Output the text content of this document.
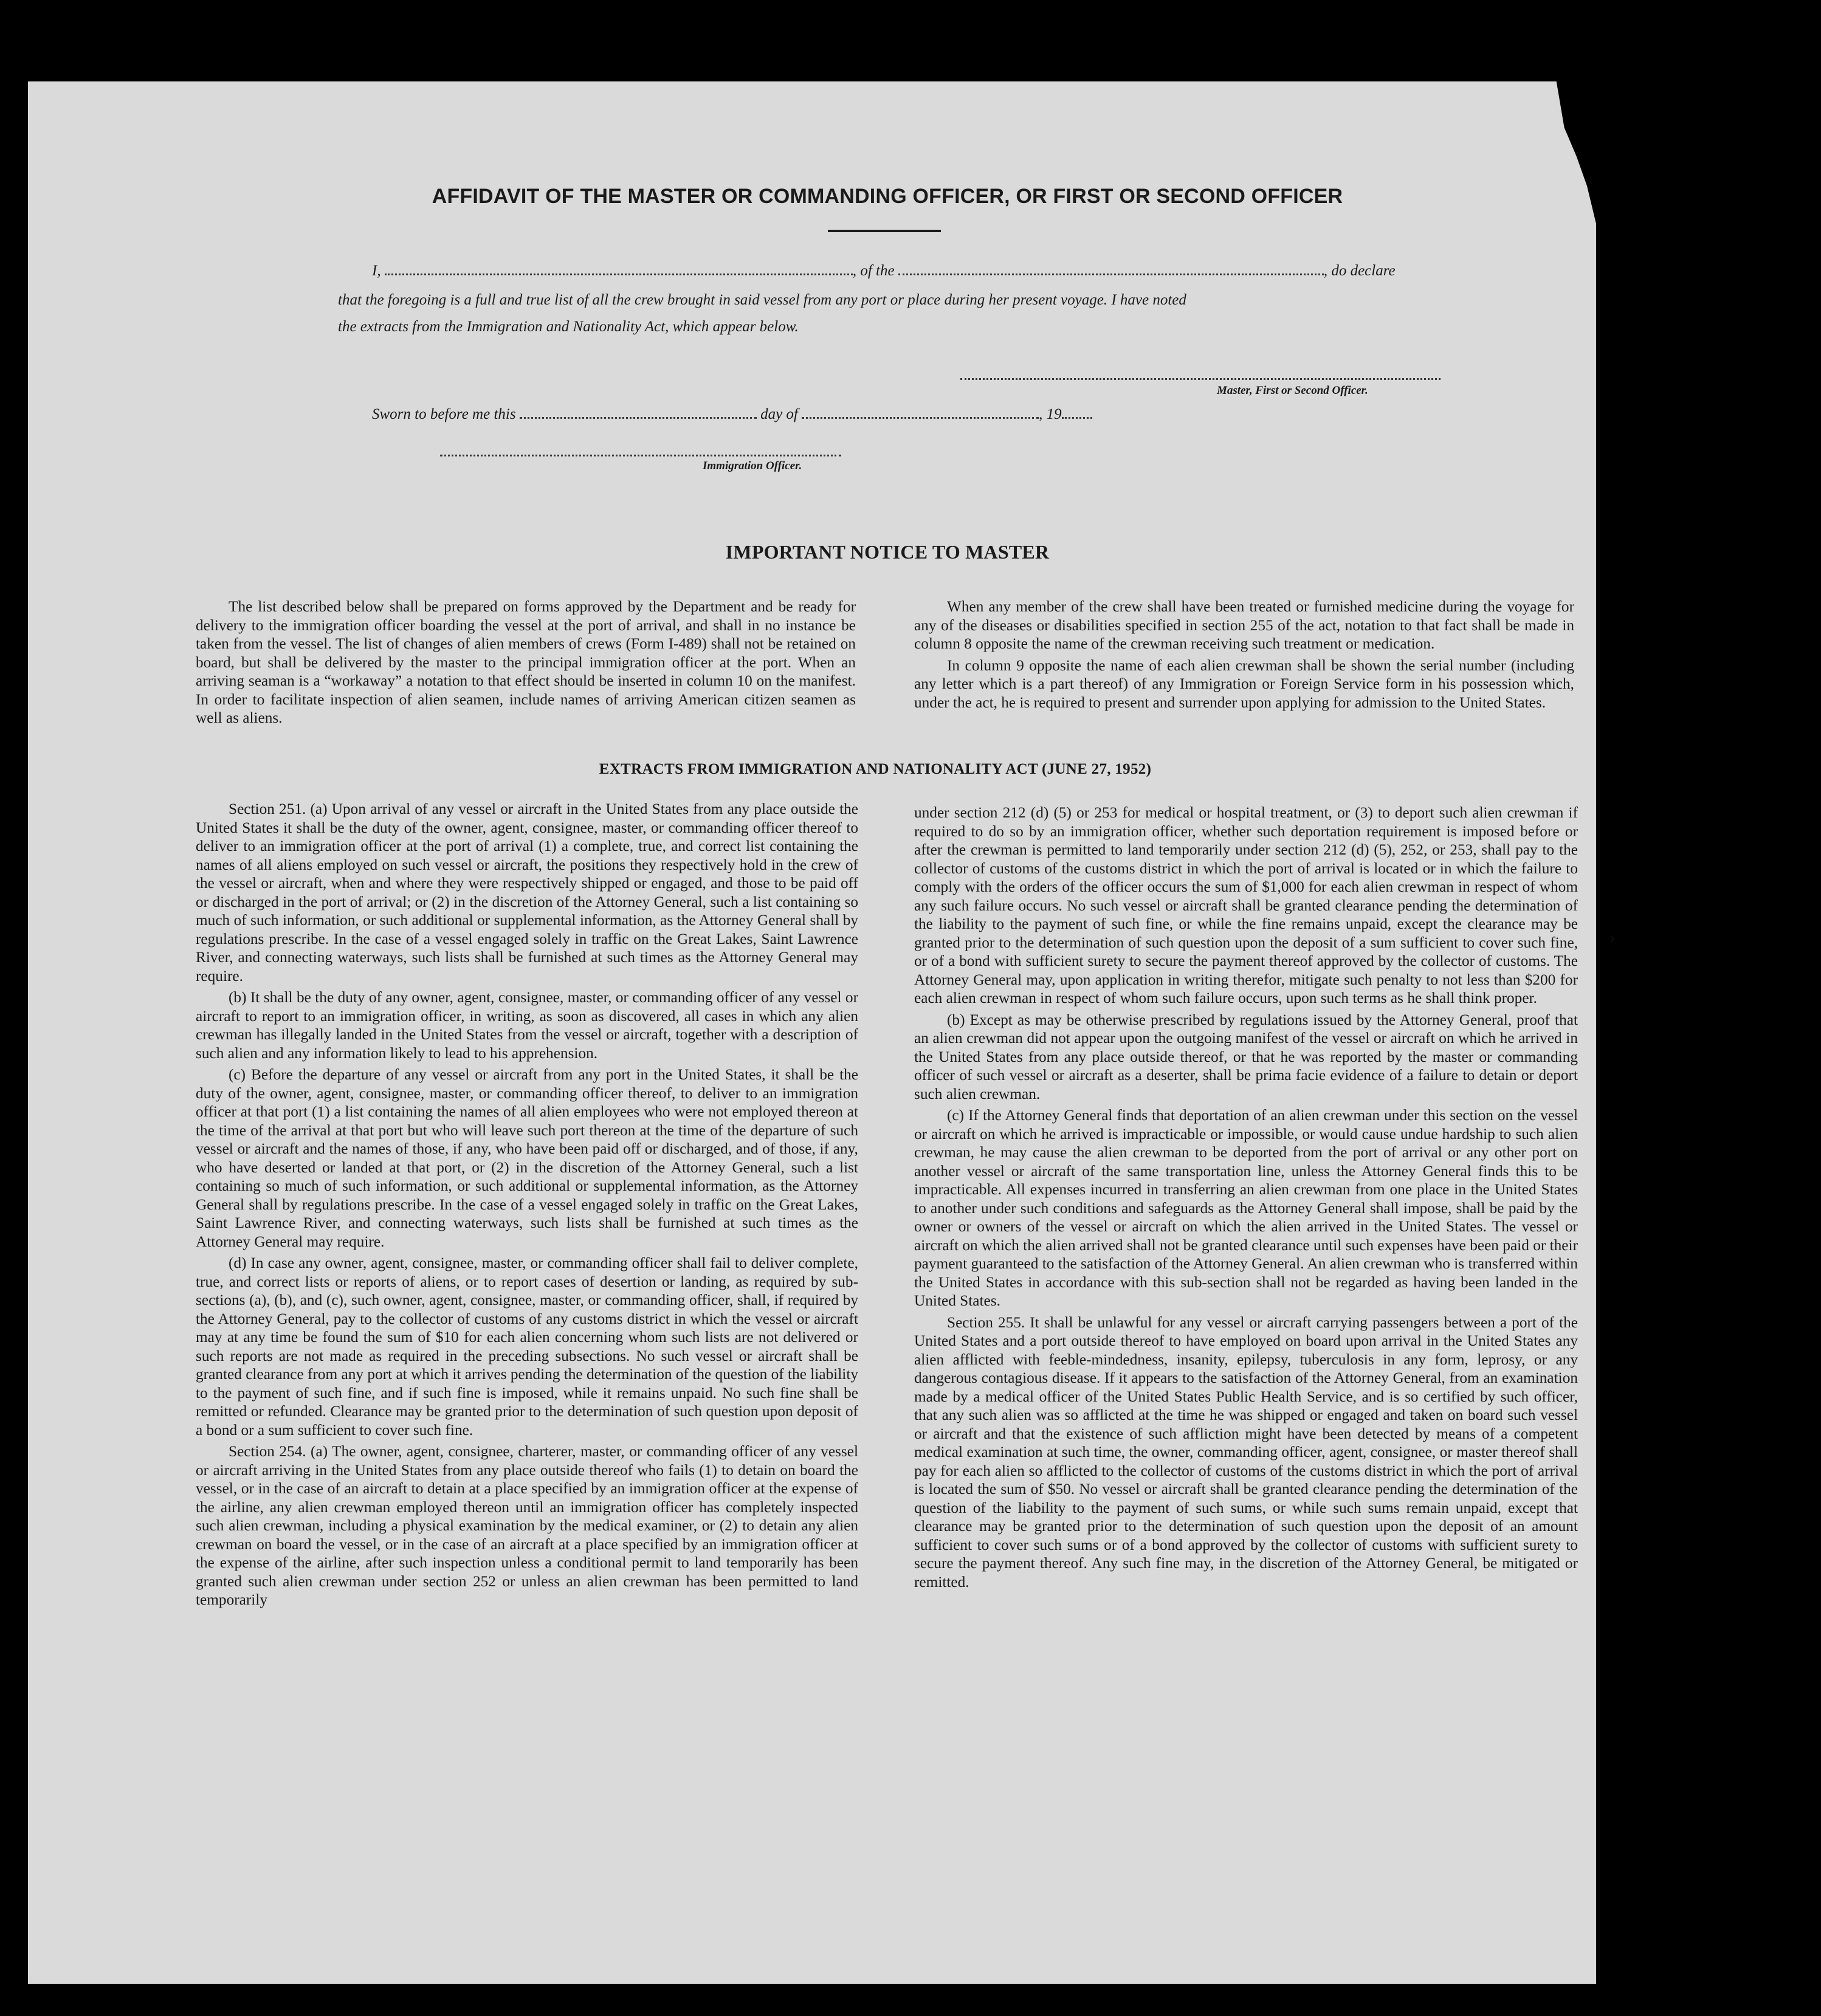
AFFIDAVIT OF THE MASTER OR COMMANDING OFFICER, OR FIRST OR SECOND OFFICER
I,	, of the	, do declare
that the foregoing is a full and true list of all the crew brought in said vessel from any port or place during her present voyage. I have noted
the extracts from the Immigration and Nationality Act, which appear below.
Master, First or Second Officer.
Sworn to before me this	day of	, 19
Immigration Officer.
IMPORTANT NOTICE TO MASTER

The list described below shall be prepared on forms approved by the Department and be ready for delivery to the immigration officer boarding the vessel at the port of arrival, and shall in no instance be taken from the vessel. The list of changes of alien members of crews (Form I-489) shall not be retained on board, but shall be delivered by the master to the principal immigration officer at the port. When an arriving seaman is a “workaway” a notation to that effect should be inserted in column 10 on the manifest. In order to facilitate inspection of alien seamen, include names of arriving American citizen seamen as well as aliens.

When any member of the crew shall have been treated or furnished medicine during the voyage for any of the diseases or disabilities specified in section 255 of the act, notation to that fact shall be made in column 8 opposite the name of the crewman receiving such treatment or medication.

In column 9 opposite the name of each alien crewman shall be shown the serial number (including any letter which is a part thereof) of any Immigration or Foreign Service form in his possession which, under the act, he is required to present and surrender upon applying for admission to the United States.

EXTRACTS FROM IMMIGRATION AND NATIONALITY ACT (JUNE 27, 1952)

Section 251. (a) Upon arrival of any vessel or aircraft in the United States from any place outside the United States it shall be the duty of the owner, agent, consignee, master, or commanding officer thereof to deliver to an immigration officer at the port of arrival (1) a complete, true, and correct list containing the names of all aliens employed on such vessel or aircraft, the positions they respectively hold in the crew of the vessel or aircraft, when and where they were respectively shipped or engaged, and those to be paid off or discharged in the port of arrival; or (2) in the discretion of the Attorney General, such a list containing so much of such information, or such additional or supplemental information, as the Attorney General shall by regulations prescribe. In the case of a vessel engaged solely in traffic on the Great Lakes, Saint Lawrence River, and connecting waterways, such lists shall be furnished at such times as the Attorney General may require.

(b) It shall be the duty of any owner, agent, consignee, master, or commanding officer of any vessel or aircraft to report to an immigration officer, in writing, as soon as discovered, all cases in which any alien crewman has illegally landed in the United States from the vessel or aircraft, together with a description of such alien and any information likely to lead to his apprehension.

(c) Before the departure of any vessel or aircraft from any port in the United States, it shall be the duty of the owner, agent, consignee, master, or commanding officer thereof, to deliver to an immigration officer at that port (1) a list containing the names of all alien employees who were not employed thereon at the time of the arrival at that port but who will leave such port thereon at the time of the departure of such vessel or aircraft and the names of those, if any, who have been paid off or discharged, and of those, if any, who have deserted or landed at that port, or (2) in the discretion of the Attorney General, such a list containing so much of such information, or such additional or supplemental information, as the Attorney General shall by regulations prescribe. In the case of a vessel engaged solely in traffic on the Great Lakes, Saint Lawrence River, and connecting waterways, such lists shall be furnished at such times as the Attorney General may require.

(d) In case any owner, agent, consignee, master, or commanding officer shall fail to deliver complete, true, and correct lists or reports of aliens, or to report cases of desertion or landing, as required by sub-sections (a), (b), and (c), such owner, agent, consignee, master, or commanding officer, shall, if required by the Attorney General, pay to the collector of customs of any customs district in which the vessel or aircraft may at any time be found the sum of $10 for each alien concerning whom such lists are not delivered or such reports are not made as required in the preceding subsections. No such vessel or aircraft shall be granted clearance from any port at which it arrives pending the determination of the question of the liability to the payment of such fine, and if such fine is imposed, while it remains unpaid. No such fine shall be remitted or refunded. Clearance may be granted prior to the determination of such question upon deposit of a bond or a sum sufficient to cover such fine.

Section 254. (a) The owner, agent, consignee, charterer, master, or commanding officer of any vessel or aircraft arriving in the United States from any place outside thereof who fails (1) to detain on board the vessel, or in the case of an aircraft to detain at a place specified by an immigration officer at the expense of the airline, any alien crewman employed thereon until an immigration officer has completely inspected such alien crewman, including a physical examination by the medical examiner, or (2) to detain any alien crewman on board the vessel, or in the case of an aircraft at a place specified by an immigration officer at the expense of the airline, after such inspection unless a conditional permit to land temporarily has been granted such alien crewman under section 252 or unless an alien crewman has been permitted to land temporarily

under section 212 (d) (5) or 253 for medical or hospital treatment, or (3) to deport such alien crewman if required to do so by an immigration officer, whether such deportation requirement is imposed before or after the crewman is permitted to land temporarily under section 212 (d) (5), 252, or 253, shall pay to the collector of customs of the customs district in which the port of arrival is located or in which the failure to comply with the orders of the officer occurs the sum of $1,000 for each alien crewman in respect of whom any such failure occurs. No such vessel or aircraft shall be granted clearance pending the determination of the liability to the payment of such fine, or while the fine remains unpaid, except the clearance may be granted prior to the determination of such question upon the deposit of a sum sufficient to cover such fine, or of a bond with sufficient surety to secure the payment thereof approved by the collector of customs. The Attorney General may, upon application in writing therefor, mitigate such penalty to not less than $200 for each alien crewman in respect of whom such failure occurs, upon such terms as he shall think proper.

(b) Except as may be otherwise prescribed by regulations issued by the Attorney General, proof that an alien crewman did not appear upon the outgoing manifest of the vessel or aircraft on which he arrived in the United States from any place outside thereof, or that he was reported by the master or commanding officer of such vessel or aircraft as a deserter, shall be prima facie evidence of a failure to detain or deport such alien crewman.

(c) If the Attorney General finds that deportation of an alien crewman under this section on the vessel or aircraft on which he arrived is impracticable or impossible, or would cause undue hardship to such alien crewman, he may cause the alien crewman to be deported from the port of arrival or any other port on another vessel or aircraft of the same transportation line, unless the Attorney General finds this to be impracticable. All expenses incurred in transferring an alien crewman from one place in the United States to another under such conditions and safeguards as the Attorney General shall impose, shall be paid by the owner or owners of the vessel or aircraft on which the alien arrived in the United States. The vessel or aircraft on which the alien arrived shall not be granted clearance until such expenses have been paid or their payment guaranteed to the satisfaction of the Attorney General. An alien crewman who is transferred within the United States in accordance with this sub-section shall not be regarded as having been landed in the United States.

Section 255. It shall be unlawful for any vessel or aircraft carrying passengers between a port of the United States and a port outside thereof to have employed on board upon arrival in the United States any alien afflicted with feeble-mindedness, insanity, epilepsy, tuberculosis in any form, leprosy, or any dangerous contagious disease. If it appears to the satisfaction of the Attorney General, from an examination made by a medical officer of the United States Public Health Service, and is so certified by such officer, that any such alien was so afflicted at the time he was shipped or engaged and taken on board such vessel or aircraft and that the existence of such affliction might have been detected by means of a competent medical examination at such time, the owner, commanding officer, agent, consignee, or master thereof shall pay for each alien so afflicted to the collector of customs of the customs district in which the port of arrival is located the sum of $50. No vessel or aircraft shall be granted clearance pending the determination of the question of the liability to the payment of such sums, or while such sums remain unpaid, except that clearance may be granted prior to the determination of such question upon the deposit of an amount sufficient to cover such sums or of a bond approved by the collector of customs with sufficient surety to secure the payment thereof. Any such fine may, in the discretion of the Attorney General, be mitigated or remitted.

›
